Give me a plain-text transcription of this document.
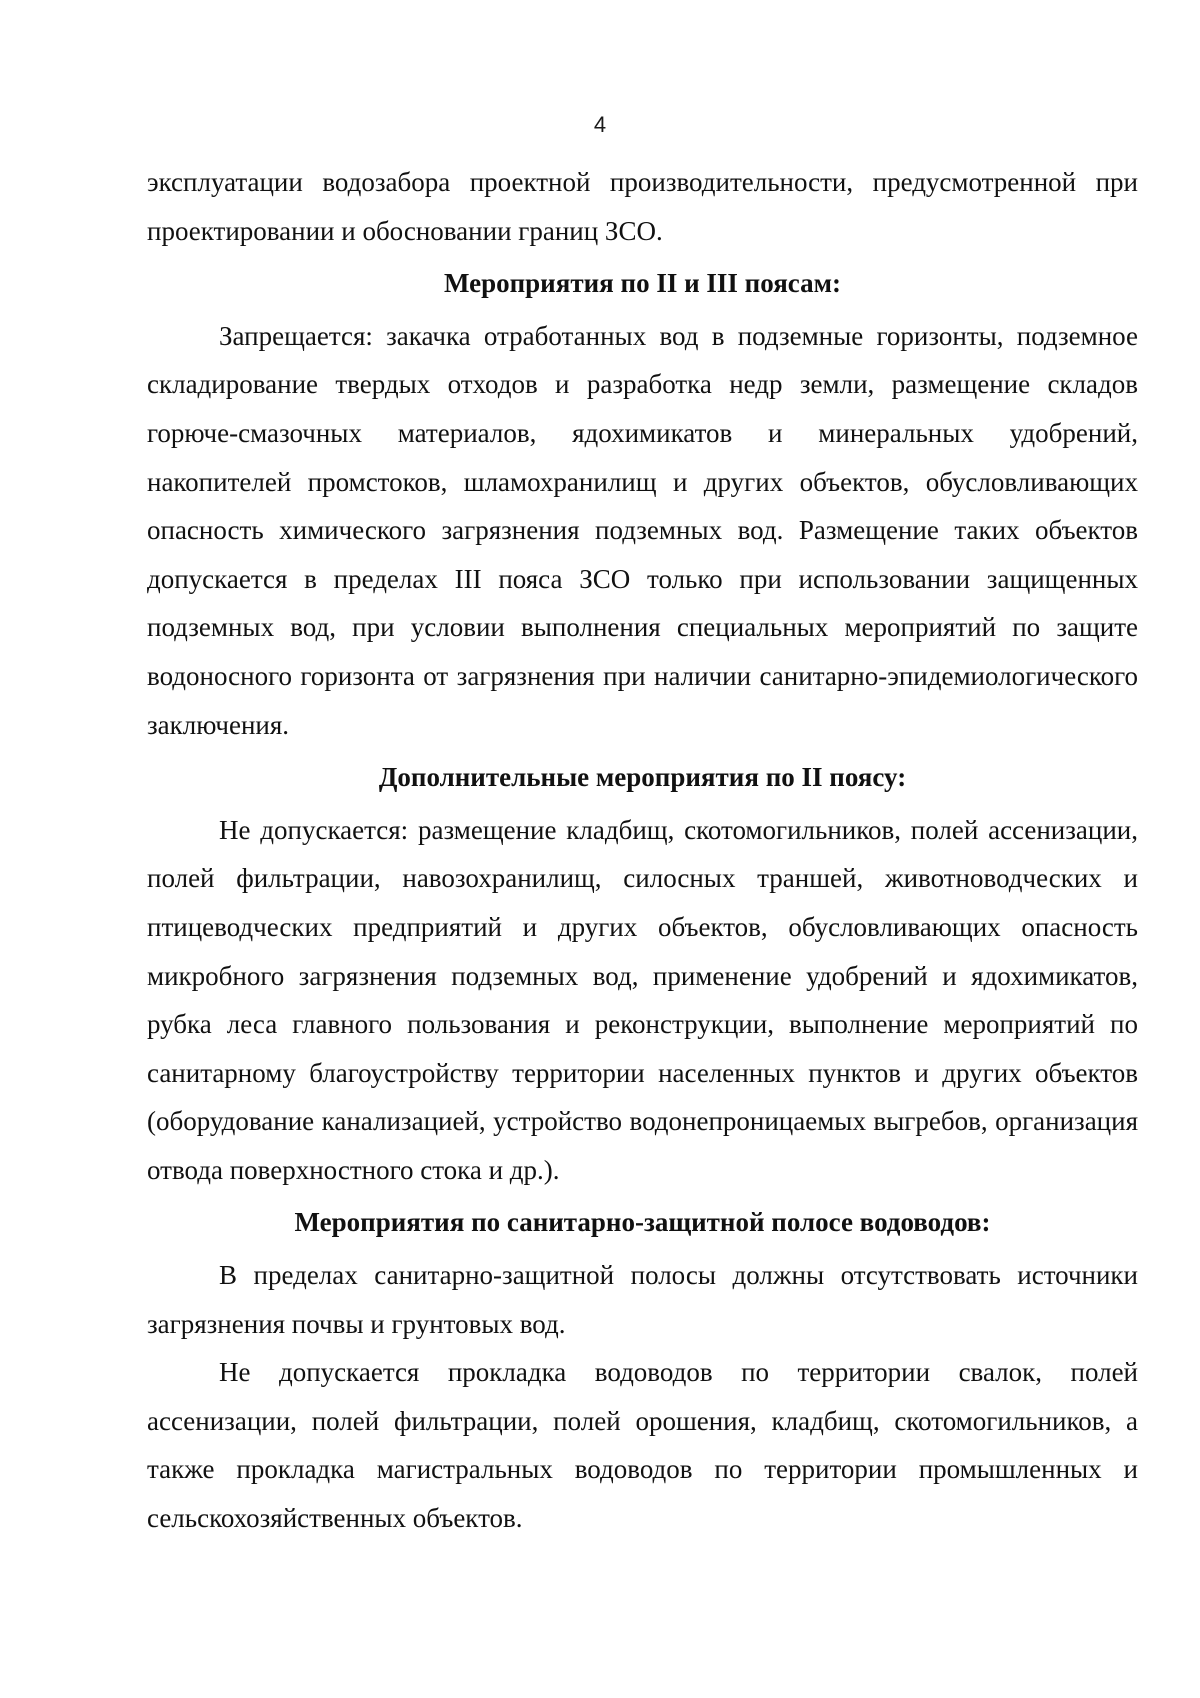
4

эксплуатации водозабора проектной производительности, предусмотренной при проектировании и обосновании границ ЗСО.

Мероприятия по II и III поясам:

Запрещается: закачка отработанных вод в подземные горизонты, подземное складирование твердых отходов и разработка недр земли, размещение складов горюче-смазочных материалов, ядохимикатов и минеральных удобрений, накопителей промстоков, шламохранилищ и других объектов, обусловливающих опасность химического загрязнения подземных вод. Размещение таких объектов допускается в пределах III пояса ЗСО только при использовании защищенных подземных вод, при условии выполнения специальных мероприятий по защите водоносного горизонта от загрязнения при наличии санитарно-эпидемиологического заключения.

Дополнительные мероприятия по II поясу:

Не допускается: размещение кладбищ, скотомогильников, полей ассенизации, полей фильтрации, навозохранилищ, силосных траншей, животноводческих и птицеводческих предприятий и других объектов, обусловливающих опасность микробного загрязнения подземных вод, применение удобрений и ядохимикатов, рубка леса главного пользования и реконструкции, выполнение мероприятий по санитарному благоустройству территории населенных пунктов и других объектов (оборудование канализацией, устройство водонепроницаемых выгребов, организация отвода поверхностного стока и др.).

Мероприятия по санитарно-защитной полосе водоводов:

В пределах санитарно-защитной полосы должны отсутствовать источники загрязнения почвы и грунтовых вод.

Не допускается прокладка водоводов по территории свалок, полей ассенизации, полей фильтрации, полей орошения, кладбищ, скотомогильников, а также прокладка магистральных водоводов по территории промышленных и сельскохозяйственных объектов.
